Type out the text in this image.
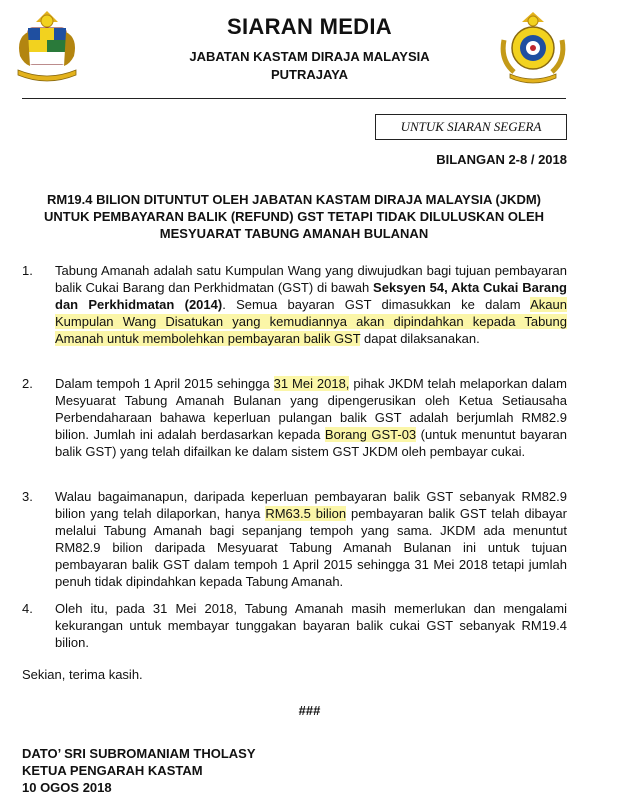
SIARAN MEDIA
JABATAN KASTAM DIRAJA MALAYSIA
PUTRAJAYA
UNTUK SIARAN SEGERA
BILANGAN 2-8 / 2018
RM19.4 BILION DITUNTUT OLEH JABATAN KASTAM DIRAJA MALAYSIA (JKDM)
UNTUK PEMBAYARAN BALIK (REFUND) GST TETAPI TIDAK DILULUSKAN OLEH
MESYUARAT TABUNG AMANAH BULANAN
1. Tabung Amanah adalah satu Kumpulan Wang yang diwujudkan bagi tujuan pembayaran balik Cukai Barang dan Perkhidmatan (GST) di bawah Seksyen 54, Akta Cukai Barang dan Perkhidmatan (2014). Semua bayaran GST dimasukkan ke dalam Akaun Kumpulan Wang Disatukan yang kemudiannya akan dipindahkan kepada Tabung Amanah untuk membolehkan pembayaran balik GST dapat dilaksanakan.
2. Dalam tempoh 1 April 2015 sehingga 31 Mei 2018, pihak JKDM telah melaporkan dalam Mesyuarat Tabung Amanah Bulanan yang dipengerusikan oleh Ketua Setiausaha Perbendaharaan bahawa keperluan pulangan balik GST adalah berjumlah RM82.9 bilion. Jumlah ini adalah berdasarkan kepada Borang GST-03 (untuk menuntut bayaran balik GST) yang telah difailkan ke dalam sistem GST JKDM oleh pembayar cukai.
3. Walau bagaimanapun, daripada keperluan pembayaran balik GST sebanyak RM82.9 bilion yang telah dilaporkan, hanya RM63.5 bilion pembayaran balik GST telah dibayar melalui Tabung Amanah bagi sepanjang tempoh yang sama. JKDM ada menuntut RM82.9 bilion daripada Mesyuarat Tabung Amanah Bulanan ini untuk tujuan pembayaran balik GST dalam tempoh 1 April 2015 sehingga 31 Mei 2018 tetapi jumlah penuh tidak dipindahkan kepada Tabung Amanah.
4. Oleh itu, pada 31 Mei 2018, Tabung Amanah masih memerlukan dan mengalami kekurangan untuk membayar tunggakan bayaran balik cukai GST sebanyak RM19.4 bilion.
Sekian, terima kasih.
###
DATO’ SRI SUBROMANIAM THOLASY
KETUA PENGARAH KASTAM
10 OGOS 2018
